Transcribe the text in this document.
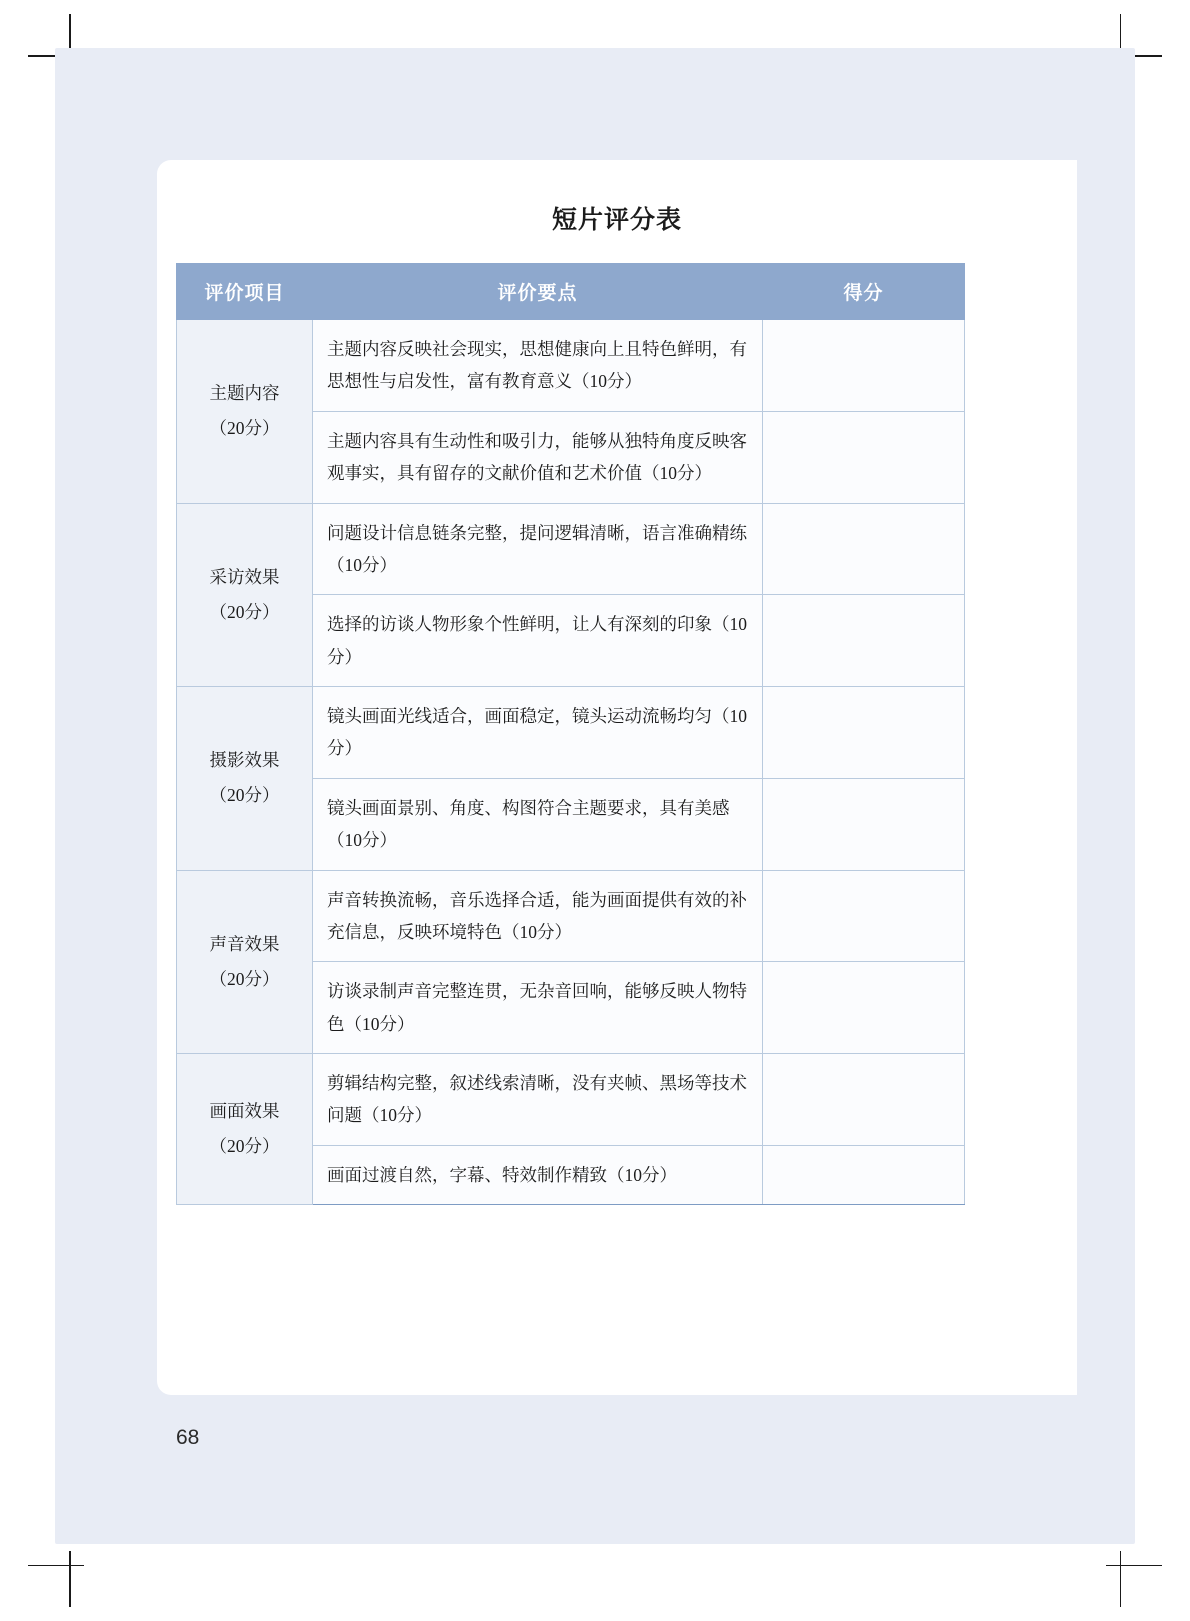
短片评分表
评价项目	评价要点	得分

主题内容
（20分）	主题内容反映社会现实，思想健康向上且特色鲜明，有思想性与启发性，富有教育意义（10分）	
	主题内容具有生动性和吸引力，能够从独特角度反映客观事实，具有留存的文献价值和艺术价值（10分）	

采访效果
（20分）	问题设计信息链条完整，提问逻辑清晰，语言准确精练（10分）	
	选择的访谈人物形象个性鲜明，让人有深刻的印象（10分）	

摄影效果
（20分）	镜头画面光线适合，画面稳定，镜头运动流畅均匀（10分）	
	镜头画面景别、角度、构图符合主题要求，具有美感（10分）	

声音效果
（20分）	声音转换流畅，音乐选择合适，能为画面提供有效的补充信息，反映环境特色（10分）	
	访谈录制声音完整连贯，无杂音回响，能够反映人物特色（10分）	

画面效果
（20分）	剪辑结构完整，叙述线索清晰，没有夹帧、黑场等技术问题（10分）	
	画面过渡自然，字幕、特效制作精致（10分）	
68
